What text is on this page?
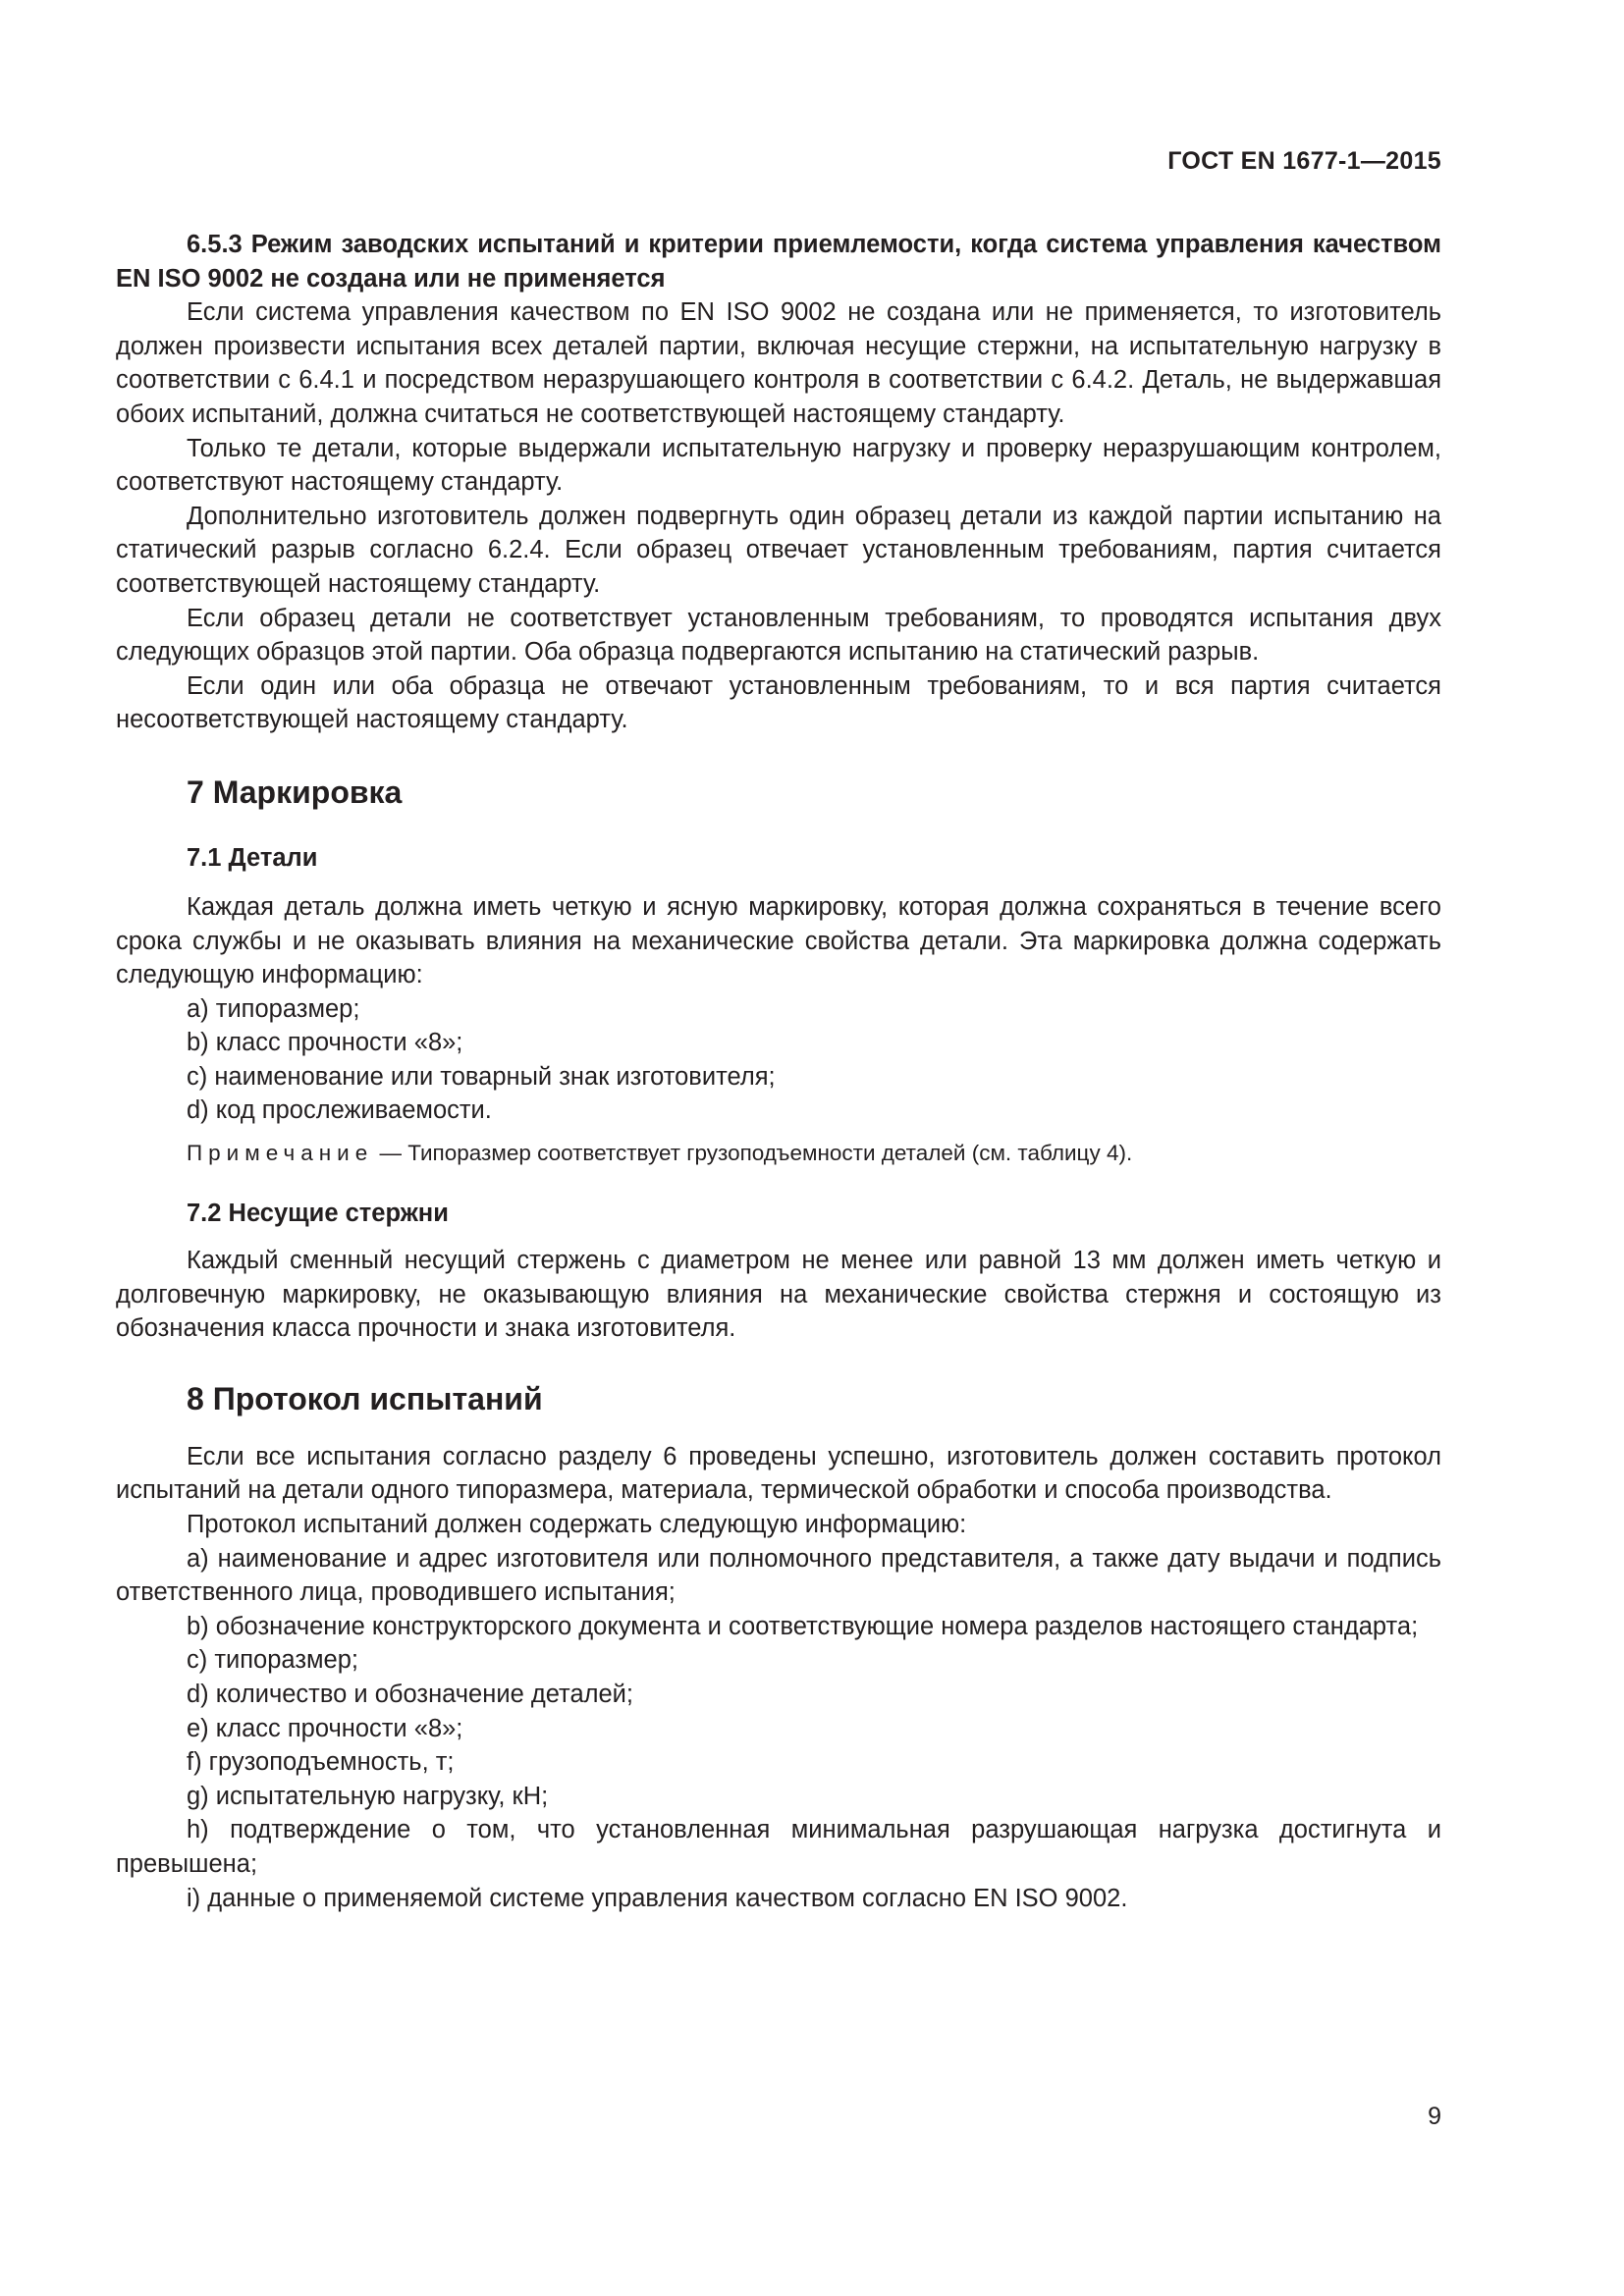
ГОСТ EN 1677-1—2015

6.5.3 Режим заводских испытаний и критерии приемлемости, когда система управления качеством EN ISO 9002 не создана или не применяется

Если система управления качеством по EN ISO 9002 не создана или не применяется, то изготовитель должен произвести испытания всех деталей партии, включая несущие стержни, на испытательную нагрузку в соответствии с 6.4.1 и посредством неразрушающего контроля в соответствии с 6.4.2. Деталь, не выдержавшая обоих испытаний, должна считаться не соответствующей настоящему стандарту.

Только те детали, которые выдержали испытательную нагрузку и проверку неразрушающим контролем, соответствуют настоящему стандарту.

Дополнительно изготовитель должен подвергнуть один образец детали из каждой партии испытанию на статический разрыв согласно 6.2.4. Если образец отвечает установленным требованиям, партия считается соответствующей настоящему стандарту.

Если образец детали не соответствует установленным требованиям, то проводятся испытания двух следующих образцов этой партии. Оба образца подвергаются испытанию на статический разрыв.

Если один или оба образца не отвечают установленным требованиям, то и вся партия считается несоответствующей настоящему стандарту.

7 Маркировка
7.1 Детали

Каждая деталь должна иметь четкую и ясную маркировку, которая должна сохраняться в течение всего срока службы и не оказывать влияния на механические свойства детали. Эта маркировка должна содержать следующую информацию:

a) типоразмер;

b) класс прочности «8»;

c) наименование или товарный знак изготовителя;

d) код прослеживаемости.

Примечание — Типоразмер соответствует грузоподъемности деталей (см. таблицу 4).
7.2 Несущие стержни

Каждый сменный несущий стержень с диаметром не менее или равной 13 мм должен иметь четкую и долговечную маркировку, не оказывающую влияния на механические свойства стержня и состоящую из обозначения класса прочности и знака изготовителя.

8 Протокол испытаний

Если все испытания согласно разделу 6 проведены успешно, изготовитель должен составить протокол испытаний на детали одного типоразмера, материала, термической обработки и способа производства.

Протокол испытаний должен содержать следующую информацию:

a) наименование и адрес изготовителя или полномочного представителя, а также дату выдачи и подпись ответственного лица, проводившего испытания;

b) обозначение конструкторского документа и соответствующие номера разделов настоящего стандарта;

c) типоразмер;

d) количество и обозначение деталей;

e) класс прочности «8»;

f) грузоподъемность, т;

g) испытательную нагрузку, кН;

h) подтверждение о том, что установленная минимальная разрушающая нагрузка достигнута и превышена;

i) данные о применяемой системе управления качеством согласно EN ISO 9002.

9
